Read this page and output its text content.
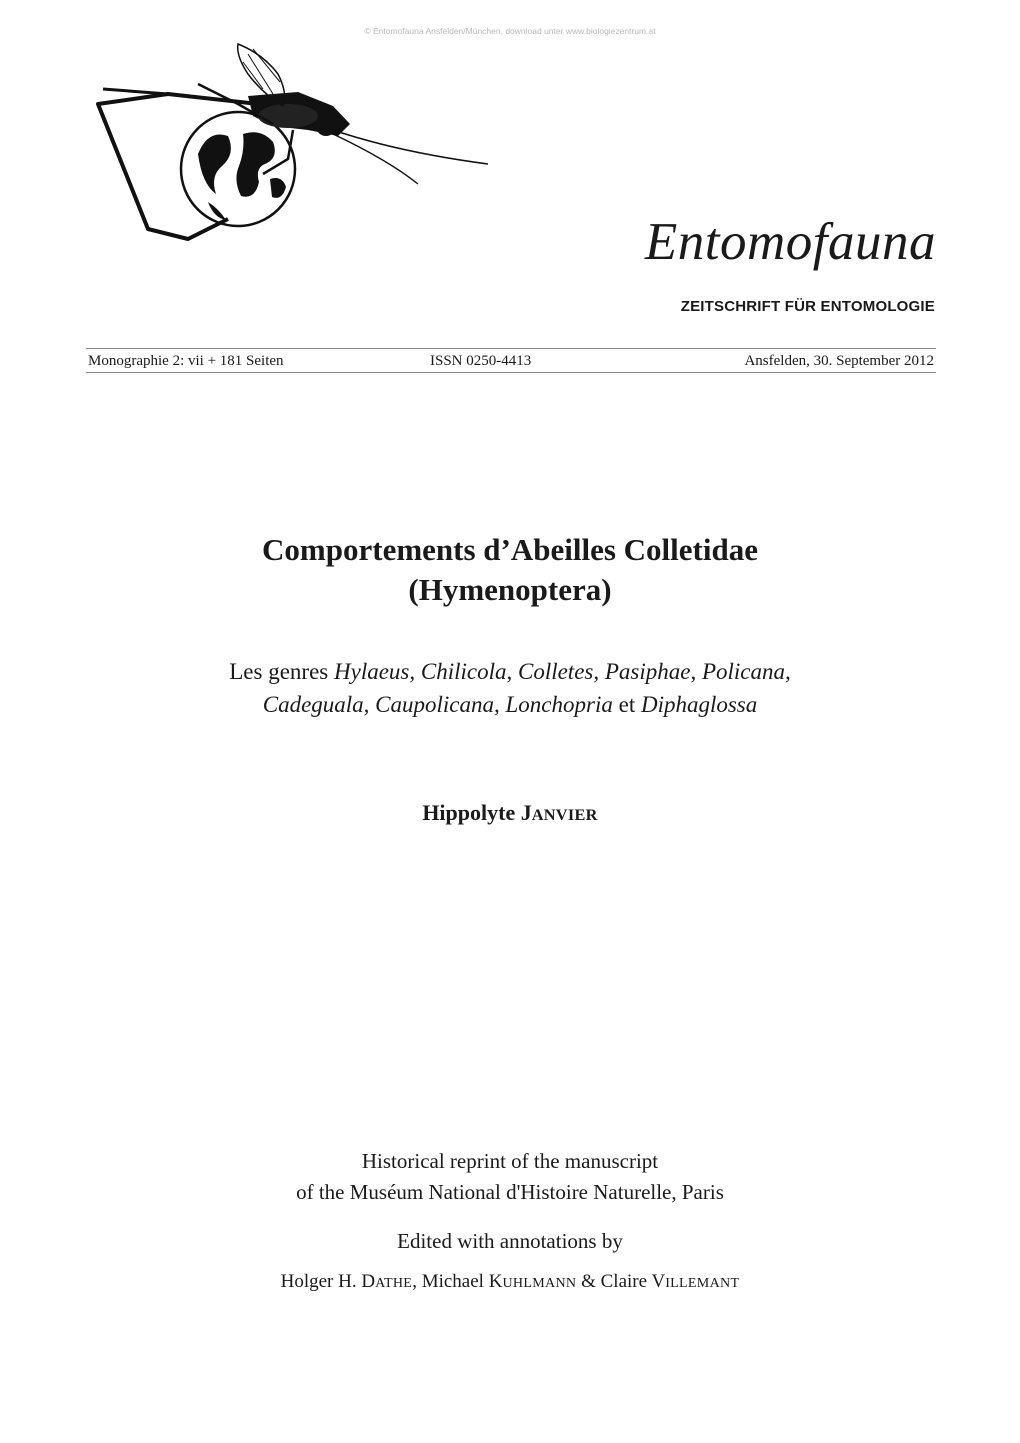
© Entomofauna Ansfelden/München, download unter www.biologiezentrum.at
Entomofauna
ZEITSCHRIFT FÜR ENTOMOLOGIE
Monographie 2: vii + 181 Seiten	ISSN 0250-4413	Ansfelden, 30. September 2012
Comportements d’Abeilles Colletidae
(Hymenoptera)
Les genres Hylaeus, Chilicola, Colletes, Pasiphae, Policana,
Cadeguala, Caupolicana, Lonchopria et Diphaglossa
Hippolyte JANVIER
Historical reprint of the manuscript
of the Muséum National d'Histoire Naturelle, Paris
Edited with annotations by
Holger H. DATHE, Michael KUHLMANN & Claire VILLEMANT
